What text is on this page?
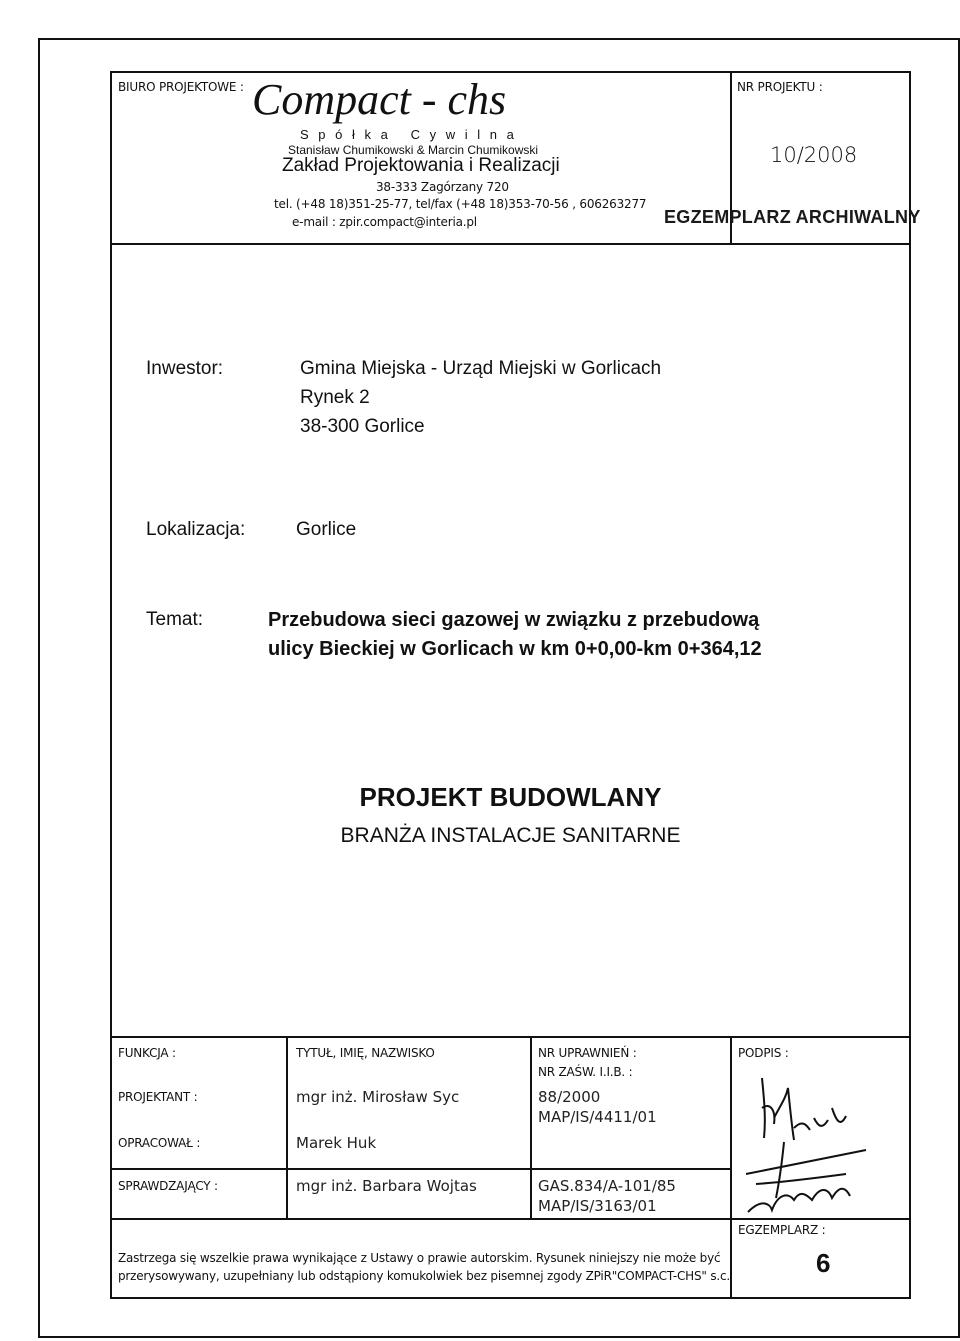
BIURO PROJEKTOWE : Compact - chs
S p ó ł k a   C y w i l n a
Stanisław Chumikowski & Marcin Chumikowski
Zakład Projektowania i Realizacji
38-333 Zagórzany 720
tel. (+48 18)351-25-77, tel/fax (+48 18)353-70-56 , 606263277
e-mail : zpir.compact@interia.pl
NR PROJEKTU :
10/2008
EGZEMPLARZ ARCHIWALNY
Inwestor:	Gmina Miejska - Urząd Miejski w Gorlicach
Rynek 2
38-300 Gorlice
Lokalizacja:	Gorlice
Temat:	Przebudowa sieci gazowej w związku z przebudową
ulicy Bieckiej w Gorlicach w km 0+0,00-km 0+364,12
PROJEKT BUDOWLANY
BRANŻA INSTALACJE SANITARNE
FUNKCJA :	TYTUŁ, IMIĘ, NAZWISKO	NR UPRAWNIEŃ :
NR ZAŚW. I.I.B. :
PODPIS :
PROJEKTANT :	mgr inż. Mirosław Syc	88/2000
MAP/IS/4411/01
OPRACOWAŁ :	Marek Huk
SPRAWDZAJĄCY :	mgr inż. Barbara Wojtas	GAS.834/A-101/85
MAP/IS/3163/01
Zastrzega się wszelkie prawa wynikające z Ustawy o prawie autorskim. Rysunek niniejszy nie może być
przerysowywany, uzupełniany lub odstąpiony komukolwiek bez pisemnej zgody ZPiR"COMPACT-CHS" s.c.
EGZEMPLARZ :
6
